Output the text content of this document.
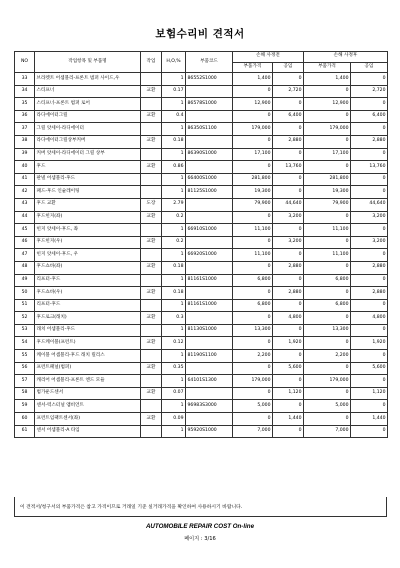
보험수리비 견적서
NO	작업항목 및 부품명	작업	H,O,%	부품코드	손해 사정전		손해 사정후	
					부품가격	공임	부품가격	공임
33	브라켓트 어셈블리-프론트 범퍼 사이드,우		1	86552S1000	1,400	0	1,400	0
34	스티프너	교환	0.17		0	2,720	0	2,720
35	스티프너-프론트 범퍼 로어		1	86578S1000	12,900	0	12,900	0
36	라디에이터그릴	교환	0.4		0	6,400	0	6,400
37	그릴 앗세이-라디에이터		1	86350S1100	179,000	0	179,000	0
38	라디에이터그릴상부커버	교환	0.18		0	2,880	0	2,880
39	커버 앗세이-라디에이터 그릴 상부		1	86390S1000	17,100	0	17,100	0
40	후드	교환	0.86		0	13,760	0	13,760
41	판넬 어셈블리-후드		1	66400S1000	281,800	0	281,800	0
42	패드-후드 인슐레이팅		1	81125S1000	19,300	0	19,300	0
43	후드 교환	도장	2.79		79,900	44,640	79,900	44,640
44	후드힌지(좌)	교환	0.2		0	3,200	0	3,200
45	힌지 앗세이-후드, 좌		1	66910S1000	11,100	0	11,100	0
46	후드힌지(우)	교환	0.2		0	3,200	0	3,200
47	힌지 앗세이-후드, 우		1	66920S1000	11,100	0	11,100	0
48	후드쇼바(좌)	교환	0.18		0	2,880	0	2,880
49	리프터-후드		1	81161S1000	6,800	0	6,800	0
50	후드쇼바(우)	교환	0.18		0	2,880	0	2,880
51	리프터-후드		1	81161S1000	6,800	0	6,800	0
52	후드로크(래치)	교환	0.3		0	4,800	0	4,800
53	래치 어셈블리-후드		1	81130S1000	13,300	0	13,300	0
54	후드케이블(프런트)	교환	0.12		0	1,920	0	1,920
55	케이블 어셈블리-후드 래치 릴리스		1	81190S1100	2,200	0	2,200	0
56	프런트패널(범퍼)	교환	0.35		0	5,600	0	5,600
57	캐리어 어셈블리-프론트 엔드 모듈		1	64101S1300	179,000	0	179,000	0
58	범가운드센서	교환	0.07		0	1,120	0	1,120
59	센서-럭스터널 앰비언트		1	96983S3000	5,000	0	5,000	0
60	프런트임팩트센서(좌)	교환	0.09		0	1,440	0	1,440
61	센서 어셈블리-A 타입		1	95920S1000	7,000	0	7,000	0
이 견적서/청구서의 부품가격은 참고 가격이므로 거래일 기준 실거래가격을 확인하여 사용하시기 바랍니다.
AUTOMOBILE REPAIR COST On-line
페이지 : 3/16
